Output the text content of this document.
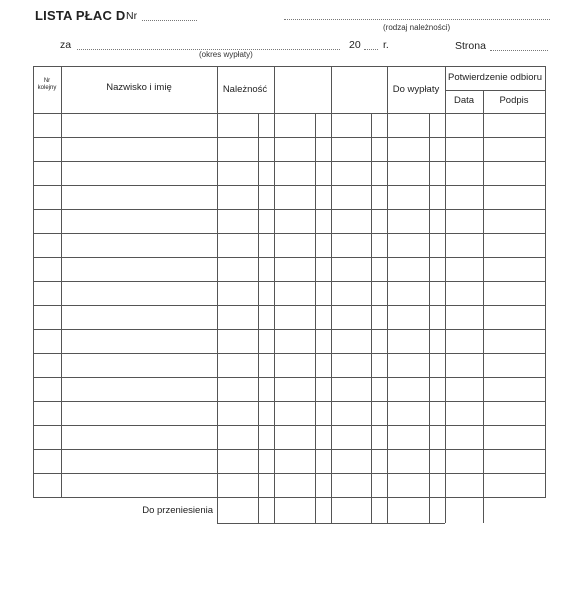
LISTA PŁAC D Nr
(rodzaj należności)
za	20 r.
(okres wypłaty)
Strona
Nr kolejny	Nazwisko i imię	Należność	Do wypłaty
Potwierdzenie odbioru
Data	Podpis
Do przeniesienia
